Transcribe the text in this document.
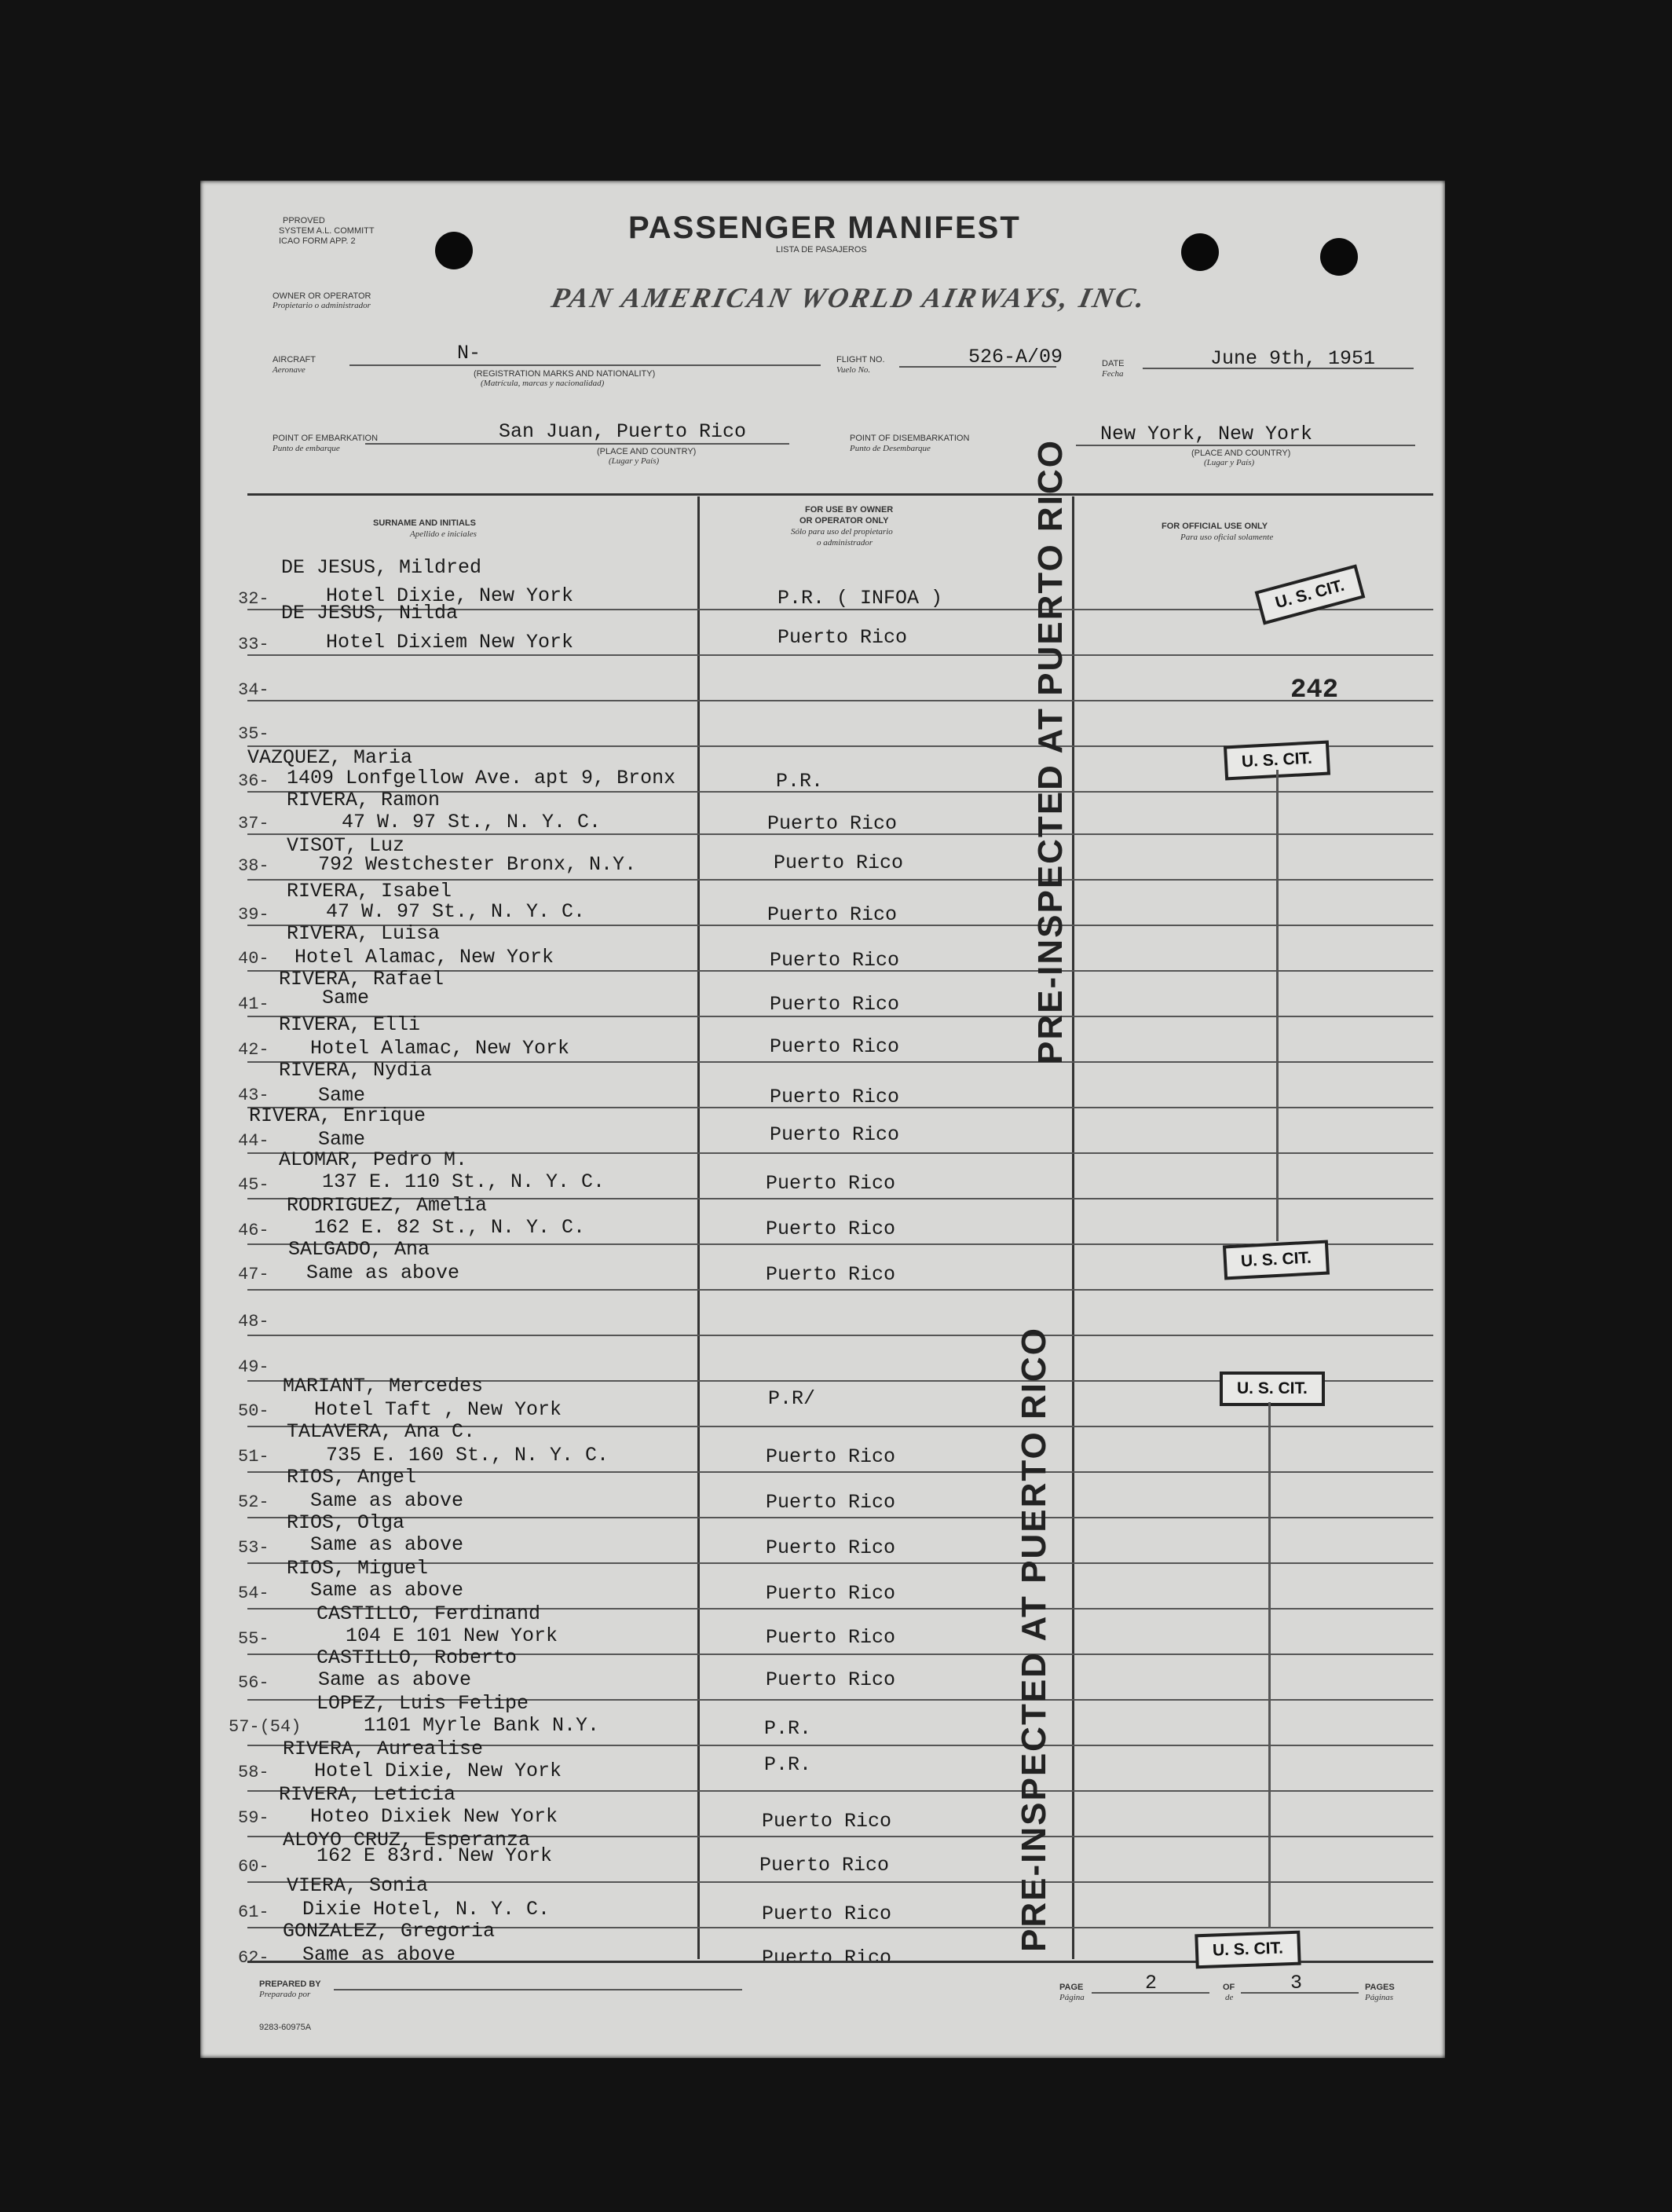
PPROVED
SYSTEM A.L. COMMITT
ICAO FORM APP. 2	PASSENGER MANIFEST
LISTA DE PASAJEROS
OWNER OR OPERATOR
Propietario o administrador	PAN AMERICAN WORLD AIRWAYS, INC.
AIRCRAFT
Aeronave
N-
(REGISTRATION MARKS AND NATIONALITY)
(Matrícula, marcas y nacionalidad)
FLIGHT NO.
Vuelo No.
526-A/09	DATE
Fecha
June 9th, 1951
POINT OF EMBARKATION
Punto de embarque
San Juan, Puerto Rico
(PLACE AND COUNTRY)
(Lugar y País)
POINT OF DISEMBARKATION
Punto de Desembarque
New York, New York
(PLACE AND COUNTRY)
(Lugar y País)
SURNAME AND INITIALS
Apellido e iniciales
FOR USE BY OWNER
OR OPERATOR ONLY
Sólo para uso del propietario
o administrador
FOR OFFICIAL USE ONLY
Para uso oficial solamente
DE JESUS, Mildred
32-	Hotel Dixie, New York	P.R. ( INFOA )
DE JESUS, Nilda
33-	Hotel Dixiem New York	Puerto Rico
34-
35-
VAZQUEZ, Maria
36- 1409 Lonfgellow Ave. apt 9, Bronx	P.R.
RIVERA, Ramon
37-	47 W. 97 St., N. Y. C.	Puerto Rico
VISOT, Luz
38- 792 Westchester Bronx, N.Y.	Puerto Rico
RIVERA, Isabel
39-	47 W. 97 St., N. Y. C.	Puerto Rico
RIVERA, Luisa
40- Hotel Alamac, New York	Puerto Rico
RIVERA, Rafael
41-	Same	Puerto Rico
RIVERA, Elli
42- Hotel Alamac, New York	Puerto Rico
RIVERA, Nydia
43- Same	Puerto Rico
RIVERA, Enrique
44- Same	Puerto Rico
ALOMAR, Pedro M.
45-	137 E. 110 St., N. Y. C.	Puerto Rico
RODRIGUEZ, Amelia
46- 162 E. 82 St., N. Y. C.	Puerto Rico
SALGADO, Ana
47- Same as above	Puerto Rico
48-
49-
MARIANT, Mercedes
50- Hotel Taft , New York	P.R/
TALAVERA, Ana C.
51-	735 E. 160 St., N. Y. C.	Puerto Rico
RIOS, Angel
52- Same as above	Puerto Rico
RIOS, Olga
53- Same as above	Puerto Rico
RIOS, Miguel
54- Same as above	Puerto Rico
CASTILLO, Ferdinand
55-	104 E 101 New York	Puerto Rico
CASTILLO, Roberto
56- Same as above	Puerto Rico
LOPEZ, Luis Felipe
57-(54)	1101 Myrle Bank N.Y.	P.R.
RIVERA, Aurealise
58- Hotel Dixie, New York	P.R.
RIVERA, Leticia
59- Hoteo Dixiek New York	Puerto Rico
ALOYO CRUZ, Esperanza
60- 162 E 83rd. New York	Puerto Rico
VIERA, Sonia
61- Dixie Hotel, N. Y. C.	Puerto Rico
GONZALEZ, Gregoria
62- Same as above	Puerto Rico
PRE-INSPECTED AT PUERTO RICO
PRE-INSPECTED AT PUERTO RICO
U. S. CIT.
U. S. CIT.
U. S. CIT.
U. S. CIT.
U. S. CIT.
242
PREPARED BY
Preparado por
PAGE
Página
2	OF
de
3	PAGES
Páginas
9283-60975A
